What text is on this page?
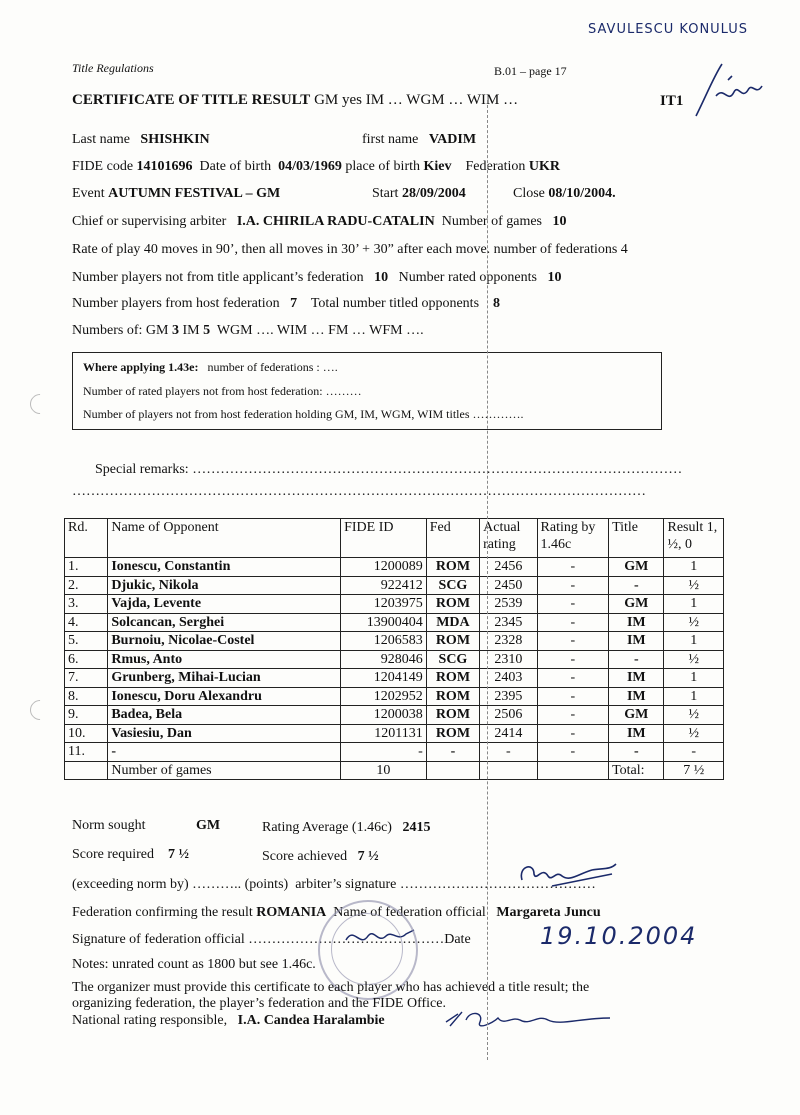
SAVULESCU KONULUS
Title Regulations	B.01 – page 17
CERTIFICATE OF TITLE RESULT GM yes IM … WGM … WIM …	IT1
Last name SHISHKIN	first name VADIM
FIDE code 14101696 Date of birth 04/03/1969 place of birth Kiev Federation UKR
Event AUTUMN FESTIVAL – GM	Start 28/09/2004	Close 08/10/2004.
Chief or supervising arbiter I.A. CHIRILA RADU-CATALIN Number of games 10
Rate of play 40 moves in 90’, then all moves in 30’ + 30” after each move. number of federations 4
Number players not from title applicant’s federation 10 Number rated opponents 10
Number players from host federation 7 Total number titled opponents 8
Numbers of: GM 3 IM 5 WGM …. WIM … FM … WFM ….
Where applying 1.43e: number of federations : ….
Number of rated players not from host federation: ………
Number of players not from host federation holding GM, IM, WGM, WIM titles ………….
Special remarks: ……………………………………………………………………………………………
……………………………………………………………………………………………………………
Rd.	Name of Opponent	FIDE ID	Fed	Actual rating	Rating by 1.46c	Title	Result 1, ½, 0
1.	Ionescu, Constantin	1200089	ROM	2456	-	GM	1
2.	Djukic, Nikola	922412	SCG	2450	-	-	½
3.	Vajda, Levente	1203975	ROM	2539	-	GM	1
4.	Solcancan, Serghei	13900404	MDA	2345	-	IM	½
5.	Burnoiu, Nicolae-Costel	1206583	ROM	2328	-	IM	1
6.	Rmus, Anto	928046	SCG	2310	-	-	½
7.	Grunberg, Mihai-Lucian	1204149	ROM	2403	-	IM	1
8.	Ionescu, Doru Alexandru	1202952	ROM	2395	-	IM	1
9.	Badea, Bela	1200038	ROM	2506	-	GM	½
10.	Vasiesiu, Dan	1201131	ROM	2414	-	IM	½
11.	-	-	-	-	-	-	-
	Number of games	10				Total:	7 ½
Norm sought	GM	Rating Average (1.46c) 2415
Score required 7 ½	Score achieved 7 ½
(exceeding norm by) ……….. (points) arbiter’s signature ……………………………………
Federation confirming the result ROMANIA Name of federation official Margareta Juncu
Signature of federation official ……………………………………Date	19.10.2004
Notes: unrated count as 1800 but see 1.46c.
The organizer must provide this certificate to each player who has achieved a title result; the
organizing federation, the player’s federation and the FIDE Office.
National rating responsible, I.A. Candea Haralambie
